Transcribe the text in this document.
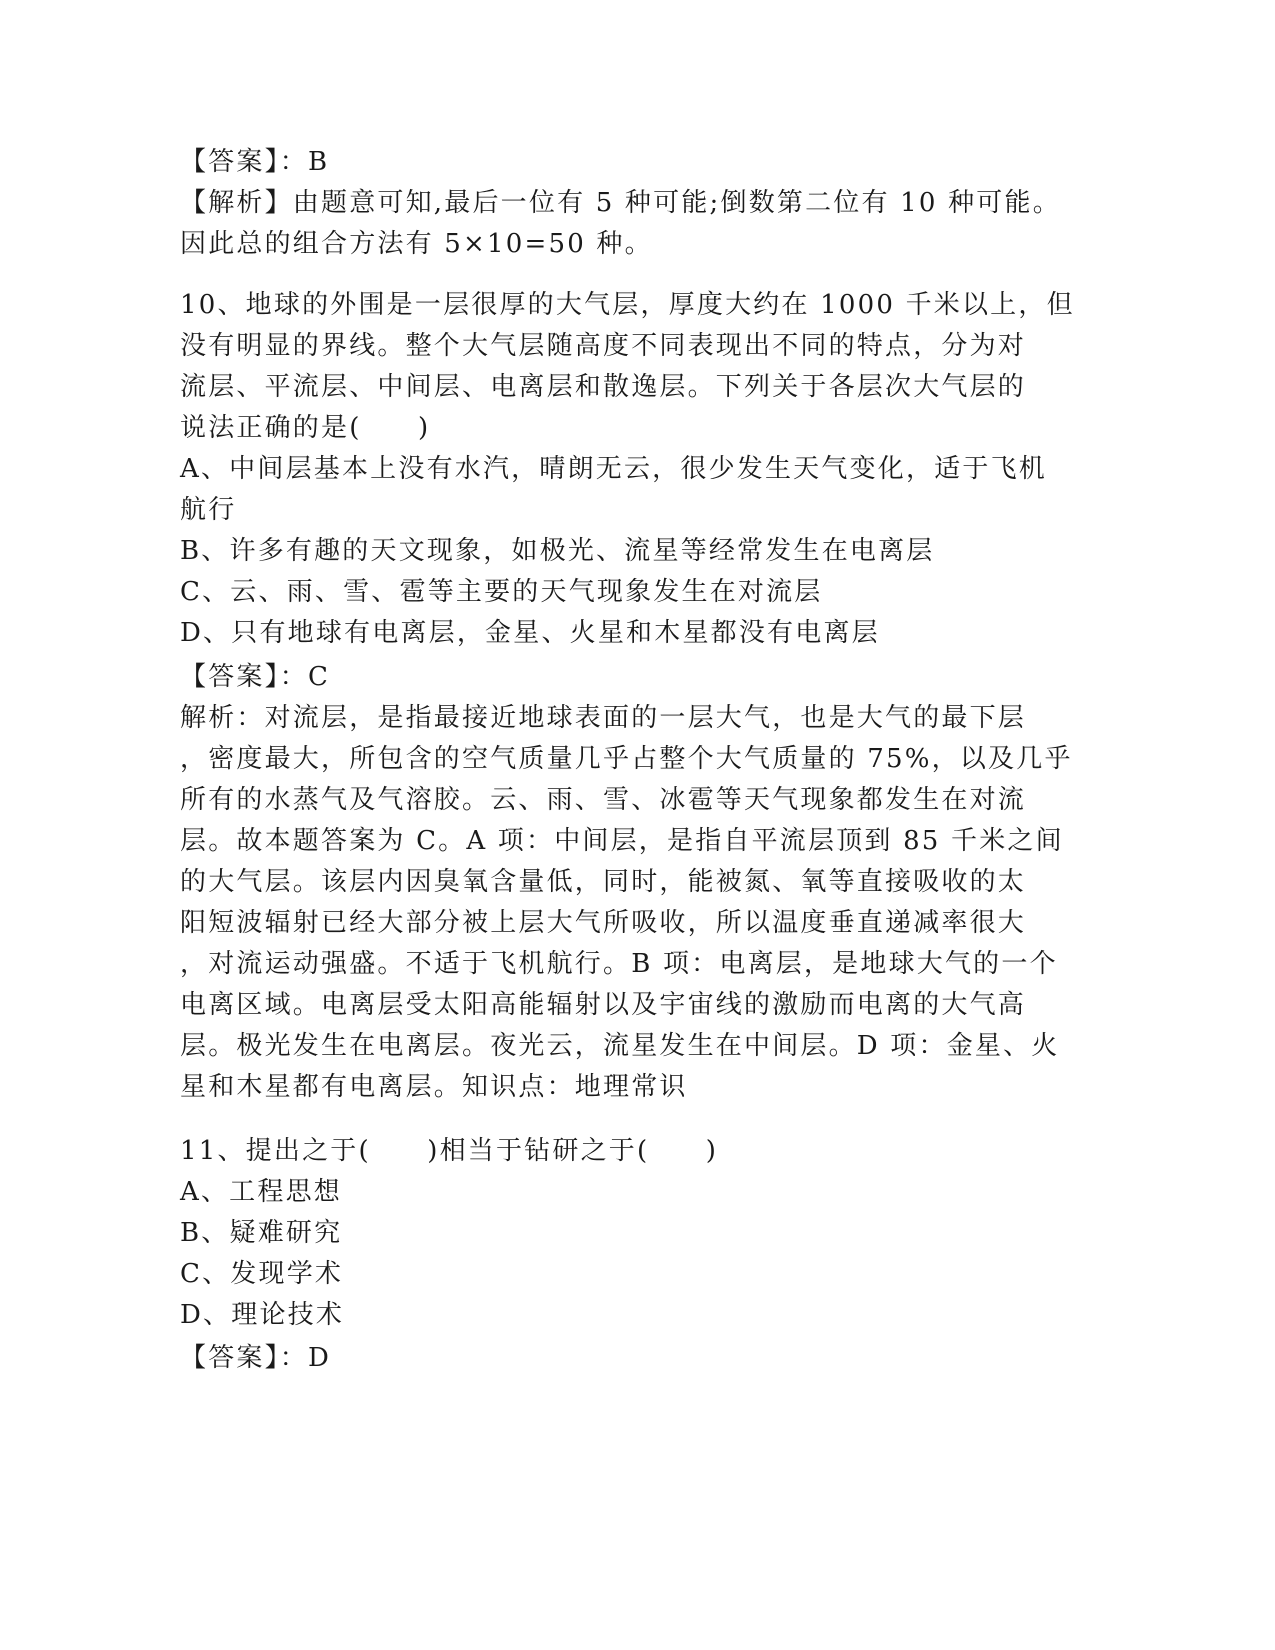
【答案】：B
【解析】由题意可知,最后一位有 5 种可能;倒数第二位有 10 种可能。
因此总的组合方法有 5×10=50 种。
10、地球的外围是一层很厚的大气层，厚度大约在 1000 千米以上，但
没有明显的界线。整个大气层随高度不同表现出不同的特点，分为对
流层、平流层、中间层、电离层和散逸层。下列关于各层次大气层的
说法正确的是(　　)
A、中间层基本上没有水汽，晴朗无云，很少发生天气变化，适于飞机
航行
B、许多有趣的天文现象，如极光、流星等经常发生在电离层
C、云、雨、雪、雹等主要的天气现象发生在对流层
D、只有地球有电离层，金星、火星和木星都没有电离层
【答案】：C
解析：对流层，是指最接近地球表面的一层大气，也是大气的最下层
，密度最大，所包含的空气质量几乎占整个大气质量的 75%，以及几乎
所有的水蒸气及气溶胶。云、雨、雪、冰雹等天气现象都发生在对流
层。故本题答案为 C。A 项：中间层，是指自平流层顶到 85 千米之间
的大气层。该层内因臭氧含量低，同时，能被氮、氧等直接吸收的太
阳短波辐射已经大部分被上层大气所吸收，所以温度垂直递减率很大
，对流运动强盛。不适于飞机航行。B 项：电离层，是地球大气的一个
电离区域。电离层受太阳高能辐射以及宇宙线的激励而电离的大气高
层。极光发生在电离层。夜光云，流星发生在中间层。D 项：金星、火
星和木星都有电离层。知识点：地理常识
11、提出之于(　　)相当于钻研之于(　　)
A、工程思想
B、疑难研究
C、发现学术
D、理论技术
【答案】：D
